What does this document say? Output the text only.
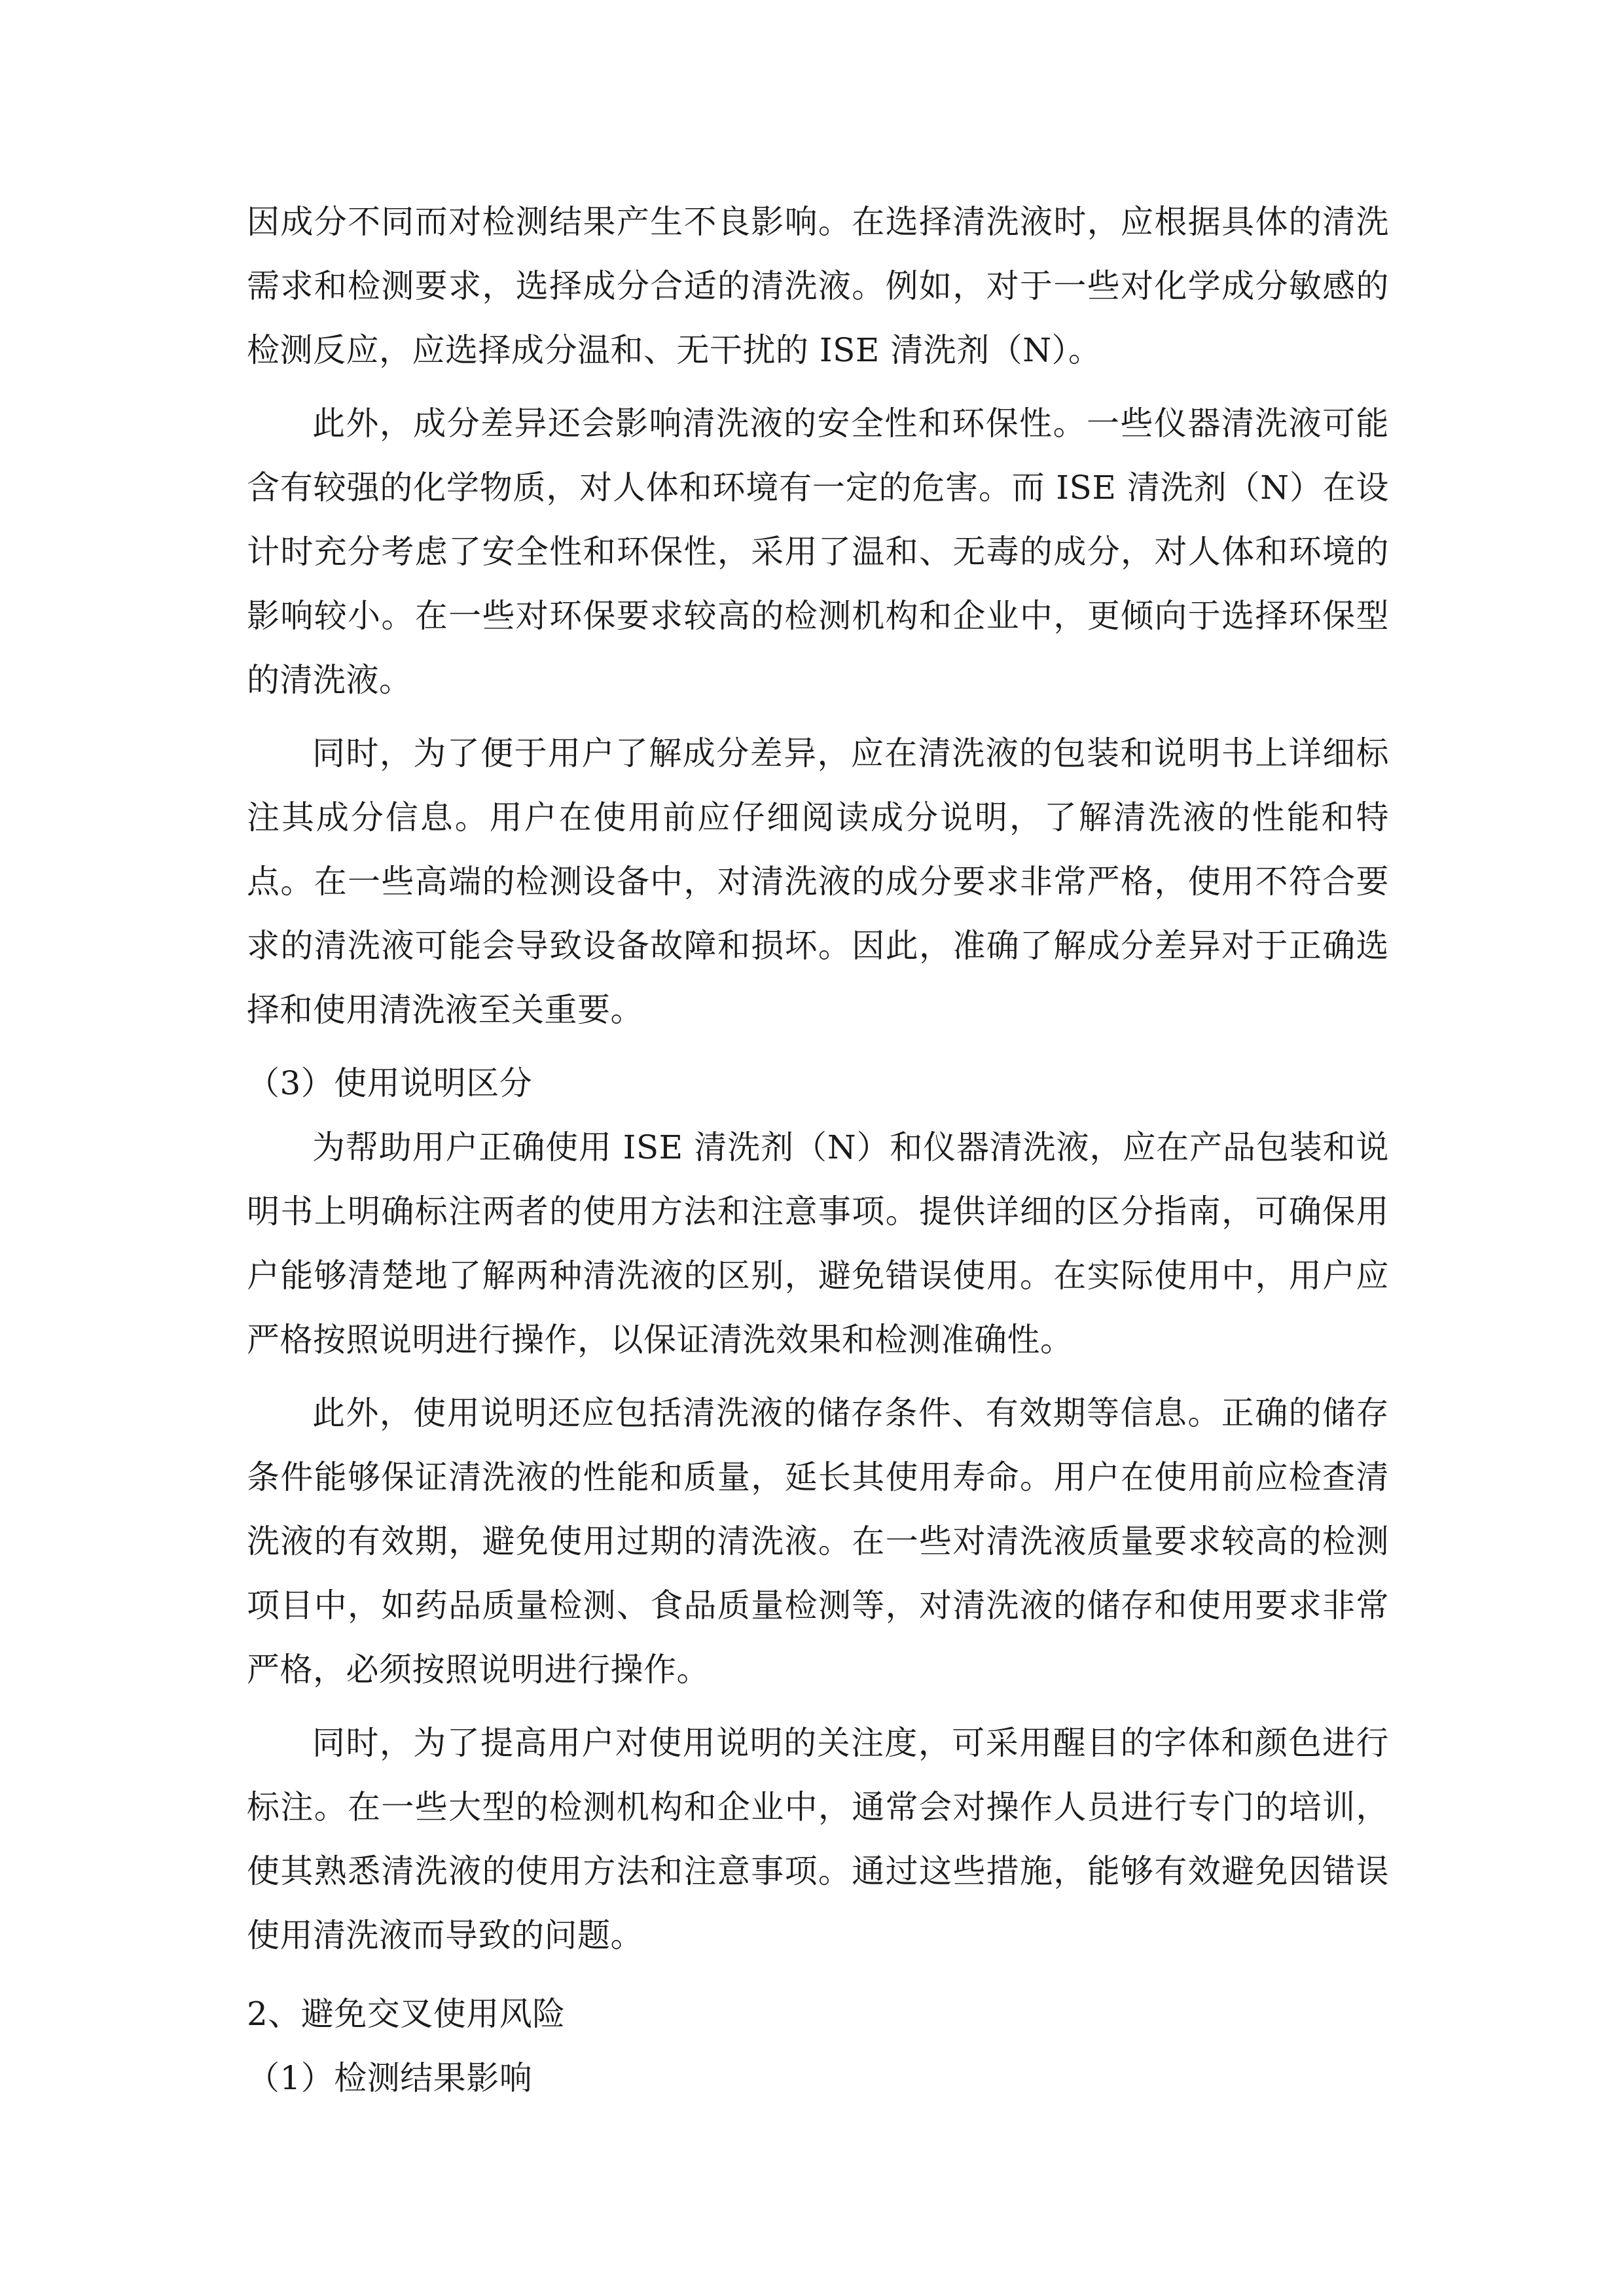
因成分不同而对检测结果产生不良影响。在选择清洗液时，应根据具体的清洗需求和检测要求，选择成分合适的清洗液。例如，对于一些对化学成分敏感的检测反应，应选择成分温和、无干扰的 ISE 清洗剂（N）。

此外，成分差异还会影响清洗液的安全性和环保性。一些仪器清洗液可能含有较强的化学物质，对人体和环境有一定的危害。而 ISE 清洗剂（N）在设计时充分考虑了安全性和环保性，采用了温和、无毒的成分，对人体和环境的影响较小。在一些对环保要求较高的检测机构和企业中，更倾向于选择环保型的清洗液。

同时，为了便于用户了解成分差异，应在清洗液的包装和说明书上详细标注其成分信息。用户在使用前应仔细阅读成分说明，了解清洗液的性能和特点。在一些高端的检测设备中，对清洗液的成分要求非常严格，使用不符合要求的清洗液可能会导致设备故障和损坏。因此，准确了解成分差异对于正确选择和使用清洗液至关重要。

（3）使用说明区分

为帮助用户正确使用 ISE 清洗剂（N）和仪器清洗液，应在产品包装和说明书上明确标注两者的使用方法和注意事项。提供详细的区分指南，可确保用户能够清楚地了解两种清洗液的区别，避免错误使用。在实际使用中，用户应严格按照说明进行操作，以保证清洗效果和检测准确性。

此外，使用说明还应包括清洗液的储存条件、有效期等信息。正确的储存条件能够保证清洗液的性能和质量，延长其使用寿命。用户在使用前应检查清洗液的有效期，避免使用过期的清洗液。在一些对清洗液质量要求较高的检测项目中，如药品质量检测、食品质量检测等，对清洗液的储存和使用要求非常严格，必须按照说明进行操作。

同时，为了提高用户对使用说明的关注度，可采用醒目的字体和颜色进行标注。在一些大型的检测机构和企业中，通常会对操作人员进行专门的培训，使其熟悉清洗液的使用方法和注意事项。通过这些措施，能够有效避免因错误使用清洗液而导致的问题。

2、避免交叉使用风险

（1）检测结果影响
